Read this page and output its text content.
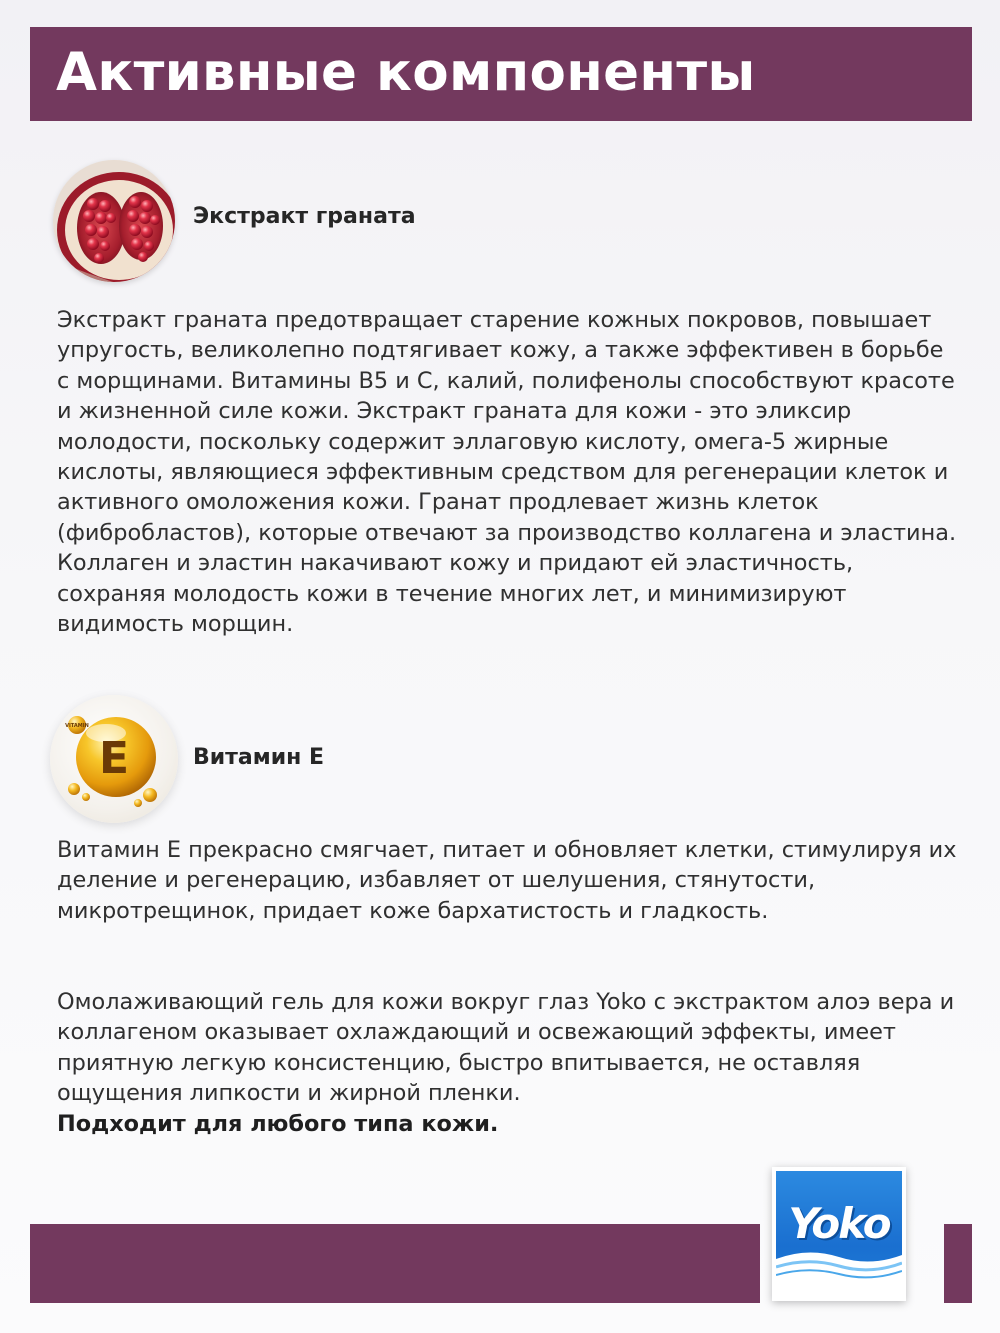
Активные компоненты
Экстракт граната

Экстракт граната предотвращает старение кожных покровов, повышает упругость, великолепно подтягивает кожу, а также эффективен в борьбе с морщинами. Витамины В5 и С, калий, полифенолы способствуют красоте и жизненной силе кожи. Экстракт граната для кожи - это эликсир молодости, поскольку содержит эллаговую кислоту, омега-5 жирные кислоты, являющиеся эффективным средством для регенерации клеток и активного омоложения кожи. Гранат продлевает жизнь клеток (фибробластов), которые отвечают за производство коллагена и эластина. Коллаген и эластин накачивают кожу и придают ей эластичность, сохраняя молодость кожи в течение многих лет, и минимизируют видимость морщин.

E
VITAMIN
Витамин Е

Витамин Е прекрасно смягчает, питает и обновляет клетки, стимулируя их деление и регенерацию, избавляет от шелушения, стянутости, микротрещинок, придает коже бархатистость и гладкость.

Омолаживающий гель для кожи вокруг глаз Yoko с экстрактом алоэ вера и коллагеном оказывает охлаждающий и освежающий эффекты, имеет приятную легкую консистенцию, быстро впитывается, не оставляя ощущения липкости и жирной пленки.

Подходит для любого типа кожи.

Yoko
